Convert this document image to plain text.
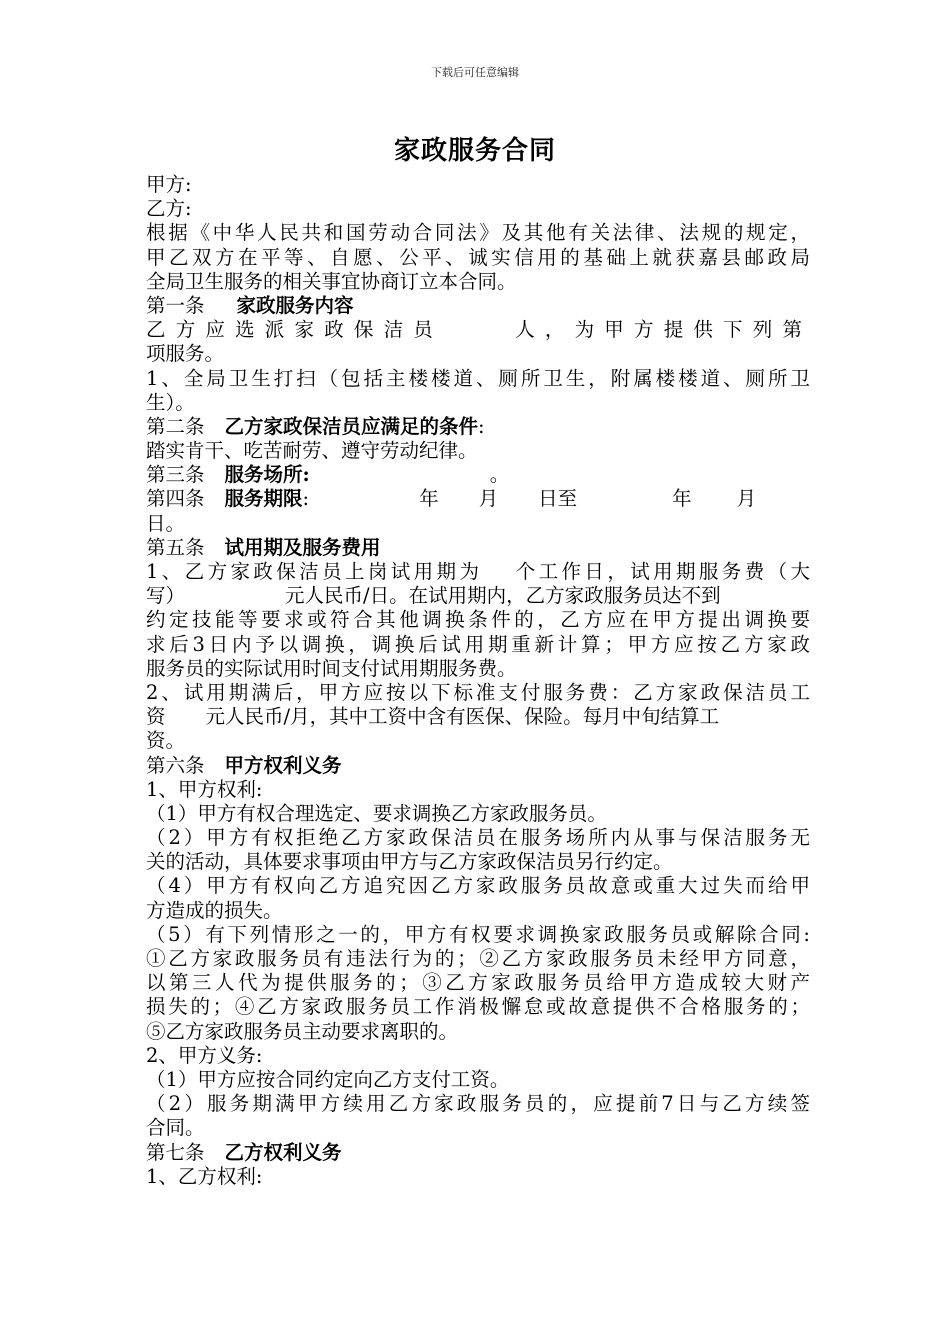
下载后可任意编辑
家政服务合同
甲方:
乙方:
根据《中华人民共和国劳动合同法》及其他有关法律、法规的规定，
甲乙双方在平等、自愿、公平、诚实信用的基础上就获嘉县邮政局
全局卫生服务的相关事宜协商订立本合同。
第一条 家政服务内容
乙方应选派家政保洁员	人，为甲方提供下列第
项服务。
1、全局卫生打扫（包括主楼楼道、厕所卫生，附属楼楼道、厕所卫
生）。
第二条 乙方家政保洁员应满足的条件:
踏实肯干、吃苦耐劳、遵守劳动纪律。
第三条 服务场所:	。
第四条 服务期限:	年 月 日至	年 月
日。
第五条 试用期及服务费用
1、乙方家政保洁员上岗试用期为 个工作日，试用期服务费（大
写）	元人民币/日。在试用期内，乙方家政服务员达不到
约定技能等要求或符合其他调换条件的，乙方应在甲方提出调换要
求后3日内予以调换，调换后试用期重新计算；甲方应按乙方家政
服务员的实际试用时间支付试用期服务费。
2、试用期满后，甲方应按以下标准支付服务费：乙方家政保洁员工
资 元人民币/月，其中工资中含有医保、保险。每月中旬结算工
资。
第六条 甲方权利义务
1、甲方权利:
（1）甲方有权合理选定、要求调换乙方家政服务员。
（2）甲方有权拒绝乙方家政保洁员在服务场所内从事与保洁服务无
关的活动，具体要求事项由甲方与乙方家政保洁员另行约定。
（4）甲方有权向乙方追究因乙方家政服务员故意或重大过失而给甲
方造成的损失。
（5）有下列情形之一的，甲方有权要求调换家政服务员或解除合同:
①乙方家政服务员有违法行为的；②乙方家政服务员未经甲方同意，
以第三人代为提供服务的；③乙方家政服务员给甲方造成较大财产
损失的；④乙方家政服务员工作消极懈怠或故意提供不合格服务的；
⑤乙方家政服务员主动要求离职的。
2、甲方义务:
（1）甲方应按合同约定向乙方支付工资。
（2）服务期满甲方续用乙方家政服务员的，应提前7日与乙方续签
合同。
第七条 乙方权利义务
1、乙方权利:
